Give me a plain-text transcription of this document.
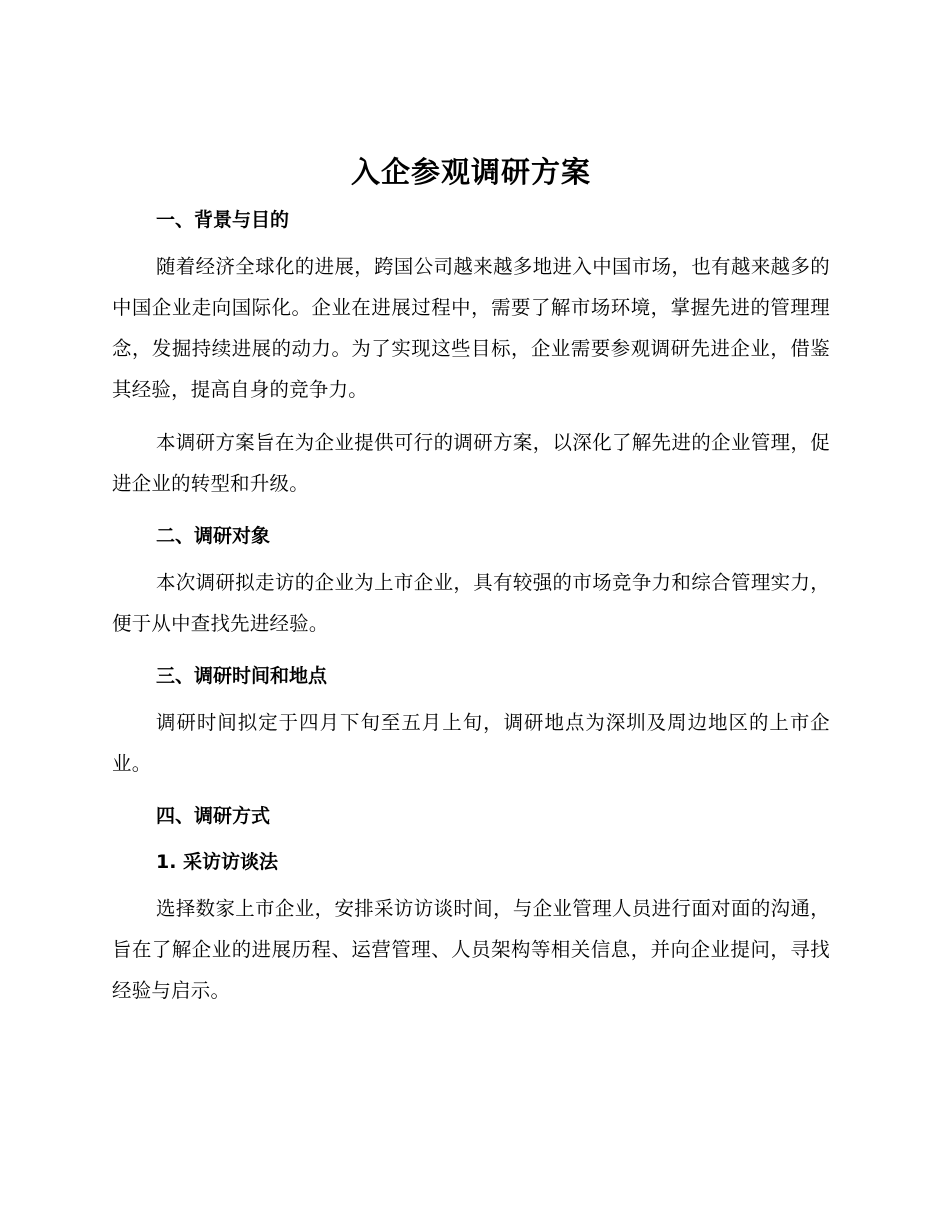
入企参观调研方案
一、背景与目的

随着经济全球化的进展，跨国公司越来越多地进入中国市场，也有越来越多的中国企业走向国际化。企业在进展过程中，需要了解市场环境，掌握先进的管理理念，发掘持续进展的动力。为了实现这些目标，企业需要参观调研先进企业，借鉴其经验，提高自身的竞争力。

本调研方案旨在为企业提供可行的调研方案，以深化了解先进的企业管理，促进企业的转型和升级。

二、调研对象

本次调研拟走访的企业为上市企业，具有较强的市场竞争力和综合管理实力，便于从中查找先进经验。

三、调研时间和地点

调研时间拟定于四月下旬至五月上旬，调研地点为深圳及周边地区的上市企业。

四、调研方式
1. 采访访谈法

选择数家上市企业，安排采访访谈时间，与企业管理人员进行面对面的沟通，旨在了解企业的进展历程、运营管理、人员架构等相关信息，并向企业提问，寻找经验与启示。
